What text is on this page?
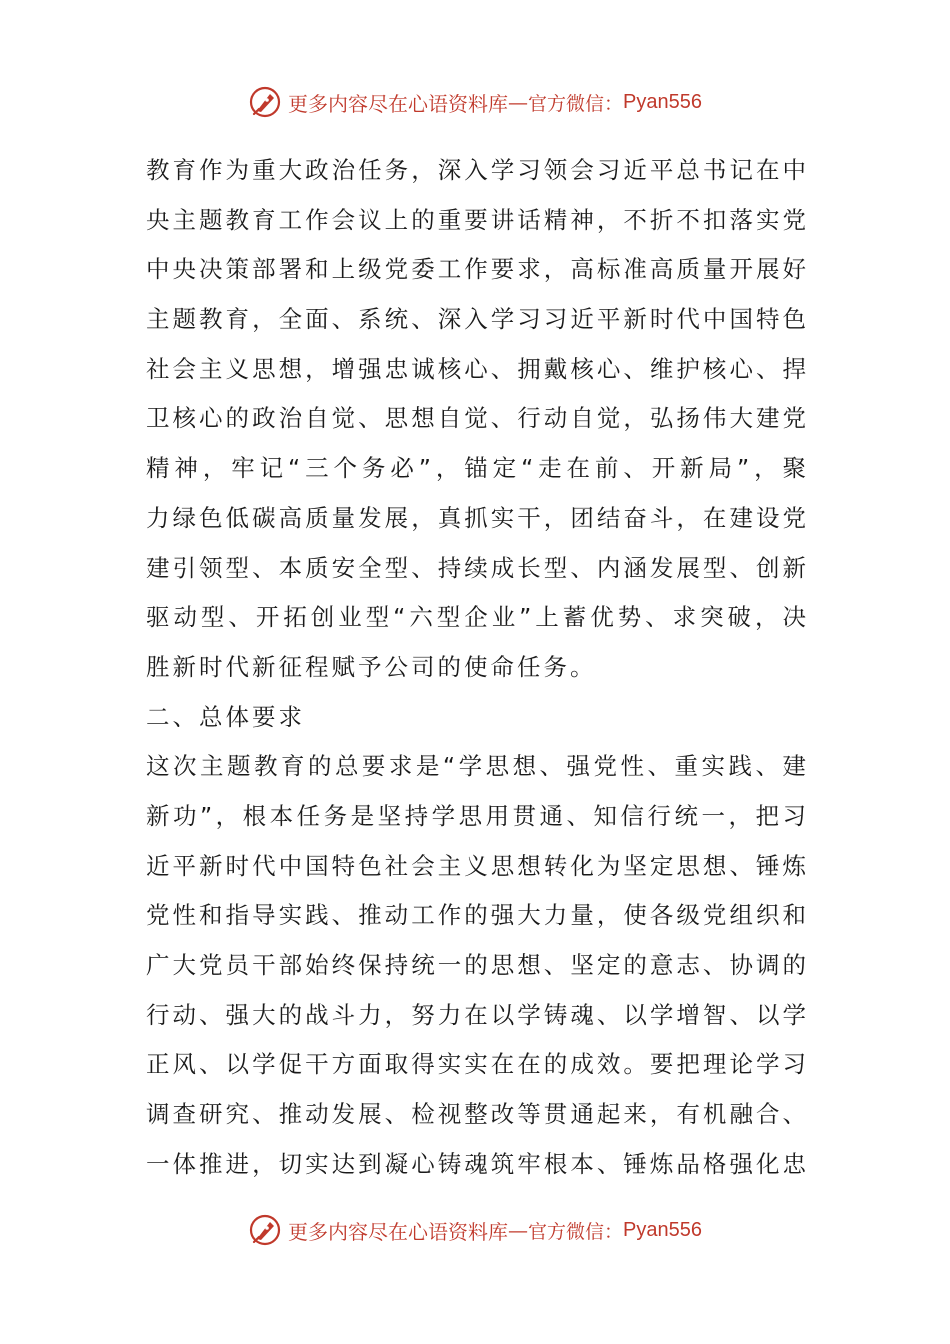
更多内容尽在心语资料库 — 官方微信： Pyan556
教育作为重大政治任务，深入学习领会习近平总书记在中
央主题教育工作会议上的重要讲话精神，不折不扣落实党
中央决策部署和上级党委工作要求，高标准高质量开展好
主题教育，全面、系统、深入学习习近平新时代中国特色
社会主义思想，增强忠诚核心、拥戴核心、维护核心、捍
卫核心的政治自觉、思想自觉、行动自觉，弘扬伟大建党
精神，牢记“三个务必”，锚定“走在前、开新局”，聚
力绿色低碳高质量发展，真抓实干，团结奋斗，在建设党
建引领型、本质安全型、持续成长型、内涵发展型、创新
驱动型、开拓创业型“六型企业”上蓄优势、求突破，决
胜新时代新征程赋予公司的使命任务。
二、总体要求
这次主题教育的总要求是“学思想、强党性、重实践、建
新功”，根本任务是坚持学思用贯通、知信行统一，把习
近平新时代中国特色社会主义思想转化为坚定思想、锤炼
党性和指导实践、推动工作的强大力量，使各级党组织和
广大党员干部始终保持统一的思想、坚定的意志、协调的
行动、强大的战斗力，努力在以学铸魂、以学增智、以学
正风、以学促干方面取得实实在在的成效。要把理论学习
调查研究、推动发展、检视整改等贯通起来，有机融合、
一体推进，切实达到凝心铸魂筑牢根本、锤炼品格强化忠
更多内容尽在心语资料库 — 官方微信： Pyan556
